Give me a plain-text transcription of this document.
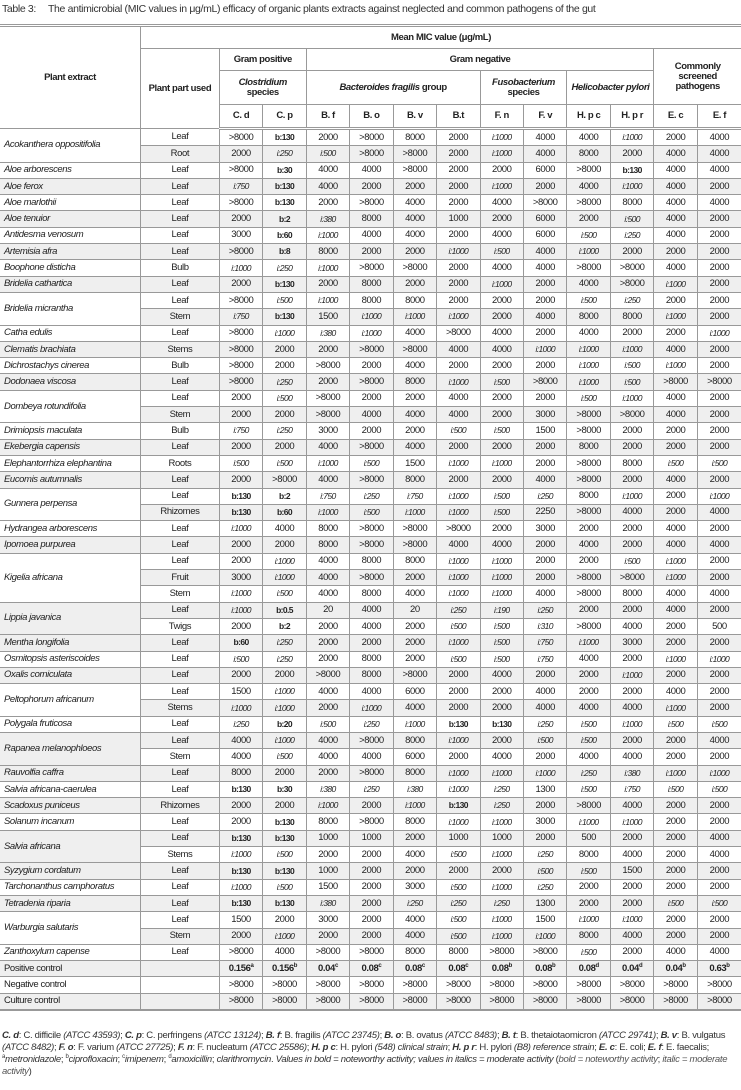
Table 3: The antimicrobial (MIC values in μg/mL) efficacy of organic plants extracts against neglected and common pathogens of the gut
Plant extract	Mean MIC value (μg/mL)												
	Plant part used	Gram positive		Gram negative								Commonly screened pathogens	
		Clostridium
species		Bacteroides fragilis group				Fusobacterium
species		Helicobacter pylori			
		C. d	C. p	B. f	B. o	B. v	B.t	F. n	F. v	H. p c	H. p r	E. c	E. f
Acokanthera oppositifolia	Leaf	>8000	b:130	2000	>8000	8000	2000	i:1000	4000	4000	i:1000	2000	4000
	Root	2000	i:250	i:500	>8000	>8000	2000	i:1000	4000	8000	2000	4000	4000
Aloe arborescens	Leaf	>8000	b:30	4000	4000	>8000	2000	2000	6000	>8000	b:130	4000	4000
Aloe ferox	Leaf	i:750	b:130	4000	2000	2000	2000	i:1000	2000	4000	i:1000	4000	2000
Aloe marlothii	Leaf	>8000	b:130	2000	>8000	4000	2000	4000	>8000	>8000	8000	4000	4000
Aloe tenuior	Leaf	2000	b:2	i:380	8000	4000	1000	2000	6000	2000	i:500	4000	2000
Antidesma venosum	Leaf	3000	b:60	i:1000	4000	4000	2000	4000	6000	i:500	i:250	4000	2000
Artemisia afra	Leaf	>8000	b:8	8000	2000	2000	i:1000	i:500	4000	i:1000	2000	2000	2000
Boophone disticha	Bulb	i:1000	i:250	i:1000	>8000	>8000	2000	4000	4000	>8000	>8000	4000	2000
Bridelia cathartica	Leaf	2000	b:130	2000	8000	2000	2000	i:1000	2000	4000	>8000	i:1000	2000
Bridelia micrantha	Leaf	>8000	i:500	i:1000	8000	8000	2000	2000	2000	i:500	i:250	2000	2000
	Stem	i:750	b:130	1500	i:1000	i:1000	i:1000	2000	4000	8000	8000	i:1000	2000
Catha edulis	Leaf	>8000	i:1000	i:380	i:1000	4000	>8000	4000	2000	4000	2000	2000	i:1000
Clematis brachiata	Stems	>8000	2000	2000	>8000	>8000	4000	4000	i:1000	i:1000	i:1000	4000	2000
Dichrostachys cinerea	Bulb	>8000	2000	>8000	2000	4000	2000	2000	2000	i:1000	i:500	i:1000	2000
Dodonaea viscosa	Leaf	>8000	i:250	2000	>8000	8000	i:1000	i:500	>8000	i:1000	i:500	>8000	>8000
Dombeya rotundifolia	Leaf	2000	i:500	>8000	2000	2000	4000	2000	2000	i:500	i:1000	4000	2000
	Stem	2000	2000	>8000	4000	4000	4000	2000	3000	>8000	>8000	4000	2000
Drimiopsis maculata	Bulb	i:750	i:250	3000	2000	2000	i:500	i:500	1500	>8000	2000	2000	2000
Ekebergia capensis	Leaf	2000	2000	4000	>8000	4000	2000	2000	2000	8000	2000	2000	2000
Elephantorrhiza elephantina	Roots	i:500	i:500	i:1000	i:500	1500	i:1000	i:1000	2000	>8000	8000	i:500	i:500
Eucomis autumnalis	Leaf	2000	>8000	4000	>8000	8000	2000	2000	4000	>8000	2000	4000	2000
Gunnera perpensa	Leaf	b:130	b:2	i:750	i:250	i:750	i:1000	i:500	i:250	8000	i:1000	2000	i:1000
	Rhizomes	b:130	b:60	i:1000	i:500	i:1000	i:1000	i:500	2250	>8000	4000	2000	4000
Hydrangea arborescens	Leaf	i:1000	4000	8000	>8000	>8000	>8000	2000	3000	2000	2000	4000	2000
Ipomoea purpurea	Leaf	2000	2000	8000	>8000	>8000	4000	4000	2000	4000	2000	4000	4000
Kigelia africana	Leaf	2000	i:1000	4000	8000	8000	i:1000	i:1000	2000	2000	i:500	i:1000	2000
	Fruit	3000	i:1000	4000	>8000	2000	i:1000	i:1000	2000	>8000	>8000	i:1000	2000
	Stem	i:1000	i:500	4000	8000	4000	i:1000	i:1000	4000	>8000	8000	4000	4000
Lippia javanica	Leaf	i:1000	b:0.5	20	4000	20	i:250	i:190	i:250	2000	2000	4000	2000
	Twigs	2000	b:2	2000	4000	2000	i:500	i:500	i:310	>8000	4000	2000	500
Mentha longifolia	Leaf	b:60	i:250	2000	2000	2000	i:1000	i:500	i:750	i:1000	3000	2000	2000
Osmitopsis asteriscoides	Leaf	i:500	i:250	2000	8000	2000	i:500	i:500	i:750	4000	2000	i:1000	i:1000
Oxalis corniculata	Leaf	2000	2000	>8000	8000	>8000	2000	4000	2000	2000	i:1000	2000	2000
Peltophorum africanum	Leaf	1500	i:1000	4000	4000	6000	2000	2000	4000	2000	2000	4000	2000
	Stems	i:1000	i:1000	2000	i:1000	4000	2000	2000	4000	4000	4000	i:1000	2000
Polygala fruticosa	Leaf	i:250	b:20	i:500	i:250	i:1000	b:130	b:130	i:250	i:500	i:1000	i:500	i:500
Rapanea melanophloeos	Leaf	4000	i:1000	4000	>8000	8000	i:1000	2000	i:500	i:500	2000	2000	4000
	Stem	4000	i:500	4000	4000	6000	2000	4000	2000	4000	4000	2000	2000
Rauvolfia caffra	Leaf	8000	2000	2000	>8000	8000	i:1000	i:1000	i:1000	i:250	i:380	i:1000	i:1000
Salvia africana-caerulea	Leaf	b:130	b:30	i:380	i:250	i:380	i:1000	i:250	1300	i:500	i:750	i:500	i:500
Scadoxus puniceus	Rhizomes	2000	2000	i:1000	2000	i:1000	b:130	i:250	2000	>8000	4000	2000	2000
Solanum incanum	Leaf	2000	b:130	8000	>8000	8000	i:1000	i:1000	3000	i:1000	i:1000	2000	2000
Salvia africana	Leaf	b:130	b:130	1000	1000	2000	1000	1000	2000	500	2000	2000	4000
	Stems	i:1000	i:500	2000	2000	4000	i:500	i:1000	i:250	8000	4000	2000	4000
Syzygium cordatum	Leaf	b:130	b:130	1000	2000	2000	2000	2000	i:500	i:500	1500	2000	2000
Tarchonanthus camphoratus	Leaf	i:1000	i:500	1500	2000	3000	i:500	i:1000	i:250	2000	2000	2000	2000
Tetradenia riparia	Leaf	b:130	b:130	i:380	2000	i:250	i:250	i:250	1300	2000	2000	i:500	i:500
Warburgia salutaris	Leaf	1500	2000	3000	2000	4000	i:500	i:1000	1500	i:1000	i:1000	2000	2000
	Stem	2000	i:1000	2000	2000	4000	i:500	i:1000	i:1000	8000	4000	2000	2000
Zanthoxylum capense	Leaf	>8000	4000	>8000	>8000	8000	8000	>8000	>8000	i:500	2000	4000	4000
Positive control		0.156$^a$	0.156$^b$	0.04$^c$	0.08$^c$	0.08$^c$	0.08$^c$	0.08$^b$	0.08$^b$	0.08$^d$	0.04$^d$	0.04$^b$	0.63$^b$
Negative control		>8000	>8000	>8000	>8000	>8000	>8000	>8000	>8000	>8000	>8000	>8000	>8000
Culture control		>8000	>8000	>8000	>8000	>8000	>8000	>8000	>8000	>8000	>8000	>8000	>8000
C. d: C. difficile (ATCC 43593); C. p: C. perfringens (ATCC 13124); B. f: B. fragilis (ATCC 23745); B. o: B. ovatus (ATCC 8483); B. t: B. thetaiotaomicron (ATCC 29741); B. v: B. vulgatus (ATCC 8482); F. o: F. varium (ATCC 27725); F. n: F. nucleatum (ATCC 25586); H. p c: H. pylori (548) clinical strain; H. p r: H. pylori (B8) reference strain; E. c: E. coli; E. f: E. faecalis; $^a$metronidazole; $^b$ciprofloxacin; $^c$imipenem; $^d$amoxicillin; clarithromycin. Values in bold = noteworthy activity; values in italics = moderate activity (bold = noteworthy activity; italic = moderate activity)
